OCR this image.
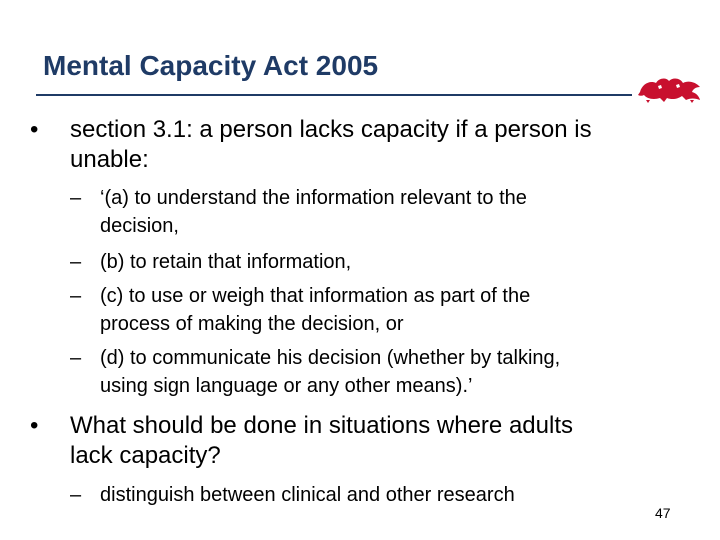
Mental Capacity Act 2005
• section 3.1: a person lacks capacity if a person is
unable:
– ‘(a) to understand the information relevant to the
decision,
– (b) to retain that information,
– (c) to use or weigh that information as part of the
process of making the decision, or
– (d) to communicate his decision (whether by talking,
using sign language or any other means).’
• What should be done in situations where adults
lack capacity?
– distinguish between clinical and other research
47
